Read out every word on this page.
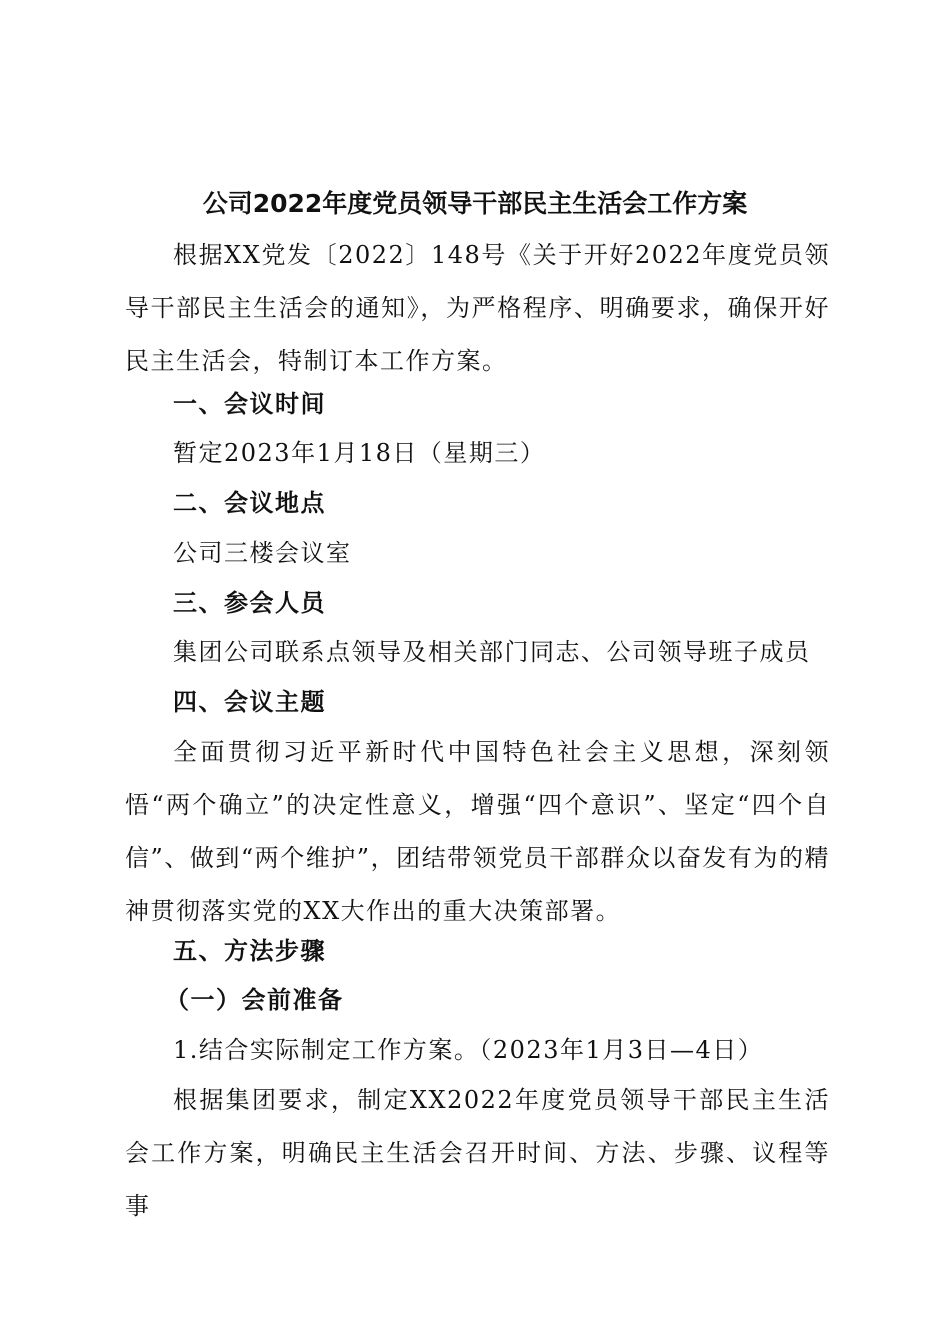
公司2022年度党员领导干部民主生活会工作方案
根据XX党发〔2022〕148号《关于开好2022年度党员领导干部民主生活会的通知》，为严格程序、明确要求，确保开好民主生活会，特制订本工作方案。
一、会议时间
暂定2023年1月18日（星期三）
二、会议地点
公司三楼会议室
三、参会人员
集团公司联系点领导及相关部门同志、公司领导班子成员
四、会议主题
全面贯彻习近平新时代中国特色社会主义思想，深刻领悟“两个确立”的决定性意义，增强“四个意识”、坚定“四个自信”、做到“两个维护”，团结带领党员干部群众以奋发有为的精神贯彻落实党的XX大作出的重大决策部署。
五、方法步骤
（一）会前准备
1.结合实际制定工作方案。（2023年1月3日—4日）
根据集团要求，制定XX2022年度党员领导干部民主生活会工作方案，明确民主生活会召开时间、方法、步骤、议程等事
